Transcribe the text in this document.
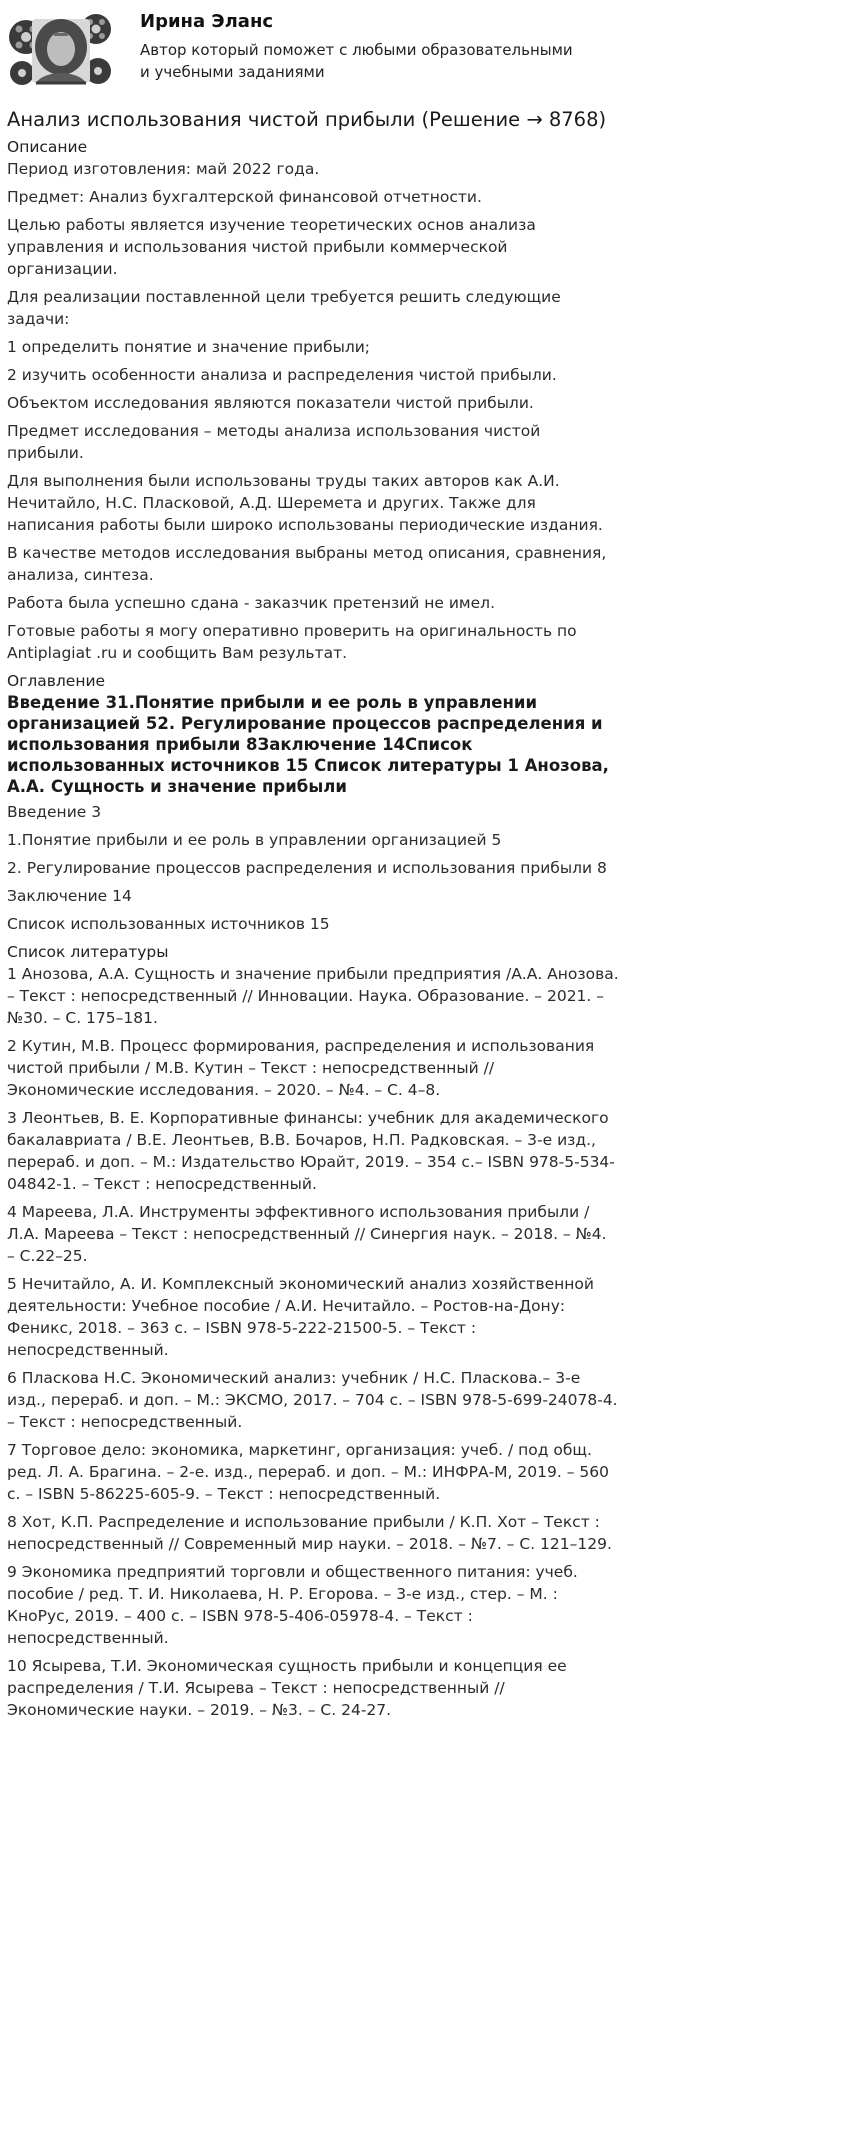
Ирина Эланс
Автор который поможет с любыми образовательными и учебными заданиями
Анализ использования чистой прибыли (Решение → 8768)
Описание

Период изготовления: май 2022 года.

Предмет: Анализ бухгалтерской финансовой отчетности.

Целью работы является изучение теоретических основ анализа управления и использования чистой прибыли коммерческой организации.

Для реализации поставленной цели требуется решить следующие задачи:

1 определить понятие и значение прибыли;

2 изучить особенности анализа и распределения чистой прибыли.

Объектом исследования являются показатели чистой прибыли.

Предмет исследования – методы анализа использования чистой прибыли.

Для выполнения были использованы труды таких авторов как А.И. Нечитайло, Н.С. Пласковой, А.Д. Шеремета и других. Также для написания работы были широко использованы периодические издания.

В качестве методов исследования выбраны метод описания, сравнения, анализа, синтеза.

Работа была успешно сдана - заказчик претензий не имел.

Готовые работы я могу оперативно проверить на оригинальность по Antiplagiat .ru и сообщить Вам результат.

Оглавление
Введение 31.Понятие прибыли и ее роль в управлении организацией 52. Регулирование процессов распределения и использования прибыли 8Заключение 14Список использованных источников 15 Список литературы 1 Анозова, А.А. Сущность и значение прибыли
Введение 3
1.Понятие прибыли и ее роль в управлении организацией 5
2. Регулирование процессов распределения и использования прибыли 8
Заключение 14
Список использованных источников 15
Список литературы
1 Анозова, А.А. Сущность и значение прибыли предприятия /А.А. Анозова. – Текст : непосредственный // Инновации. Наука. Образование. – 2021. – №30. – С. 175–181.
2 Кутин, М.В. Процесс формирования, распределения и использования чистой прибыли / М.В. Кутин – Текст : непосредственный // Экономические исследования. – 2020. – №4. – С. 4–8.
3 Леонтьев, В. Е. Корпоративные финансы: учебник для академического бакалавриата / В.Е. Леонтьев, В.В. Бочаров, Н.П. Радковская. – 3-е изд., перераб. и доп. – М.: Издательство Юрайт, 2019. – 354 с.– ISBN 978-5-534-04842-1. – Текст : непосредственный.
4 Мареева, Л.А. Инструменты эффективного использования прибыли / Л.А. Мареева – Текст : непосредственный // Синергия наук. – 2018. – №4. – С.22–25.
5 Нечитайло, А. И. Комплексный экономический анализ хозяйственной деятельности: Учебное пособие / А.И. Нечитайло. – Ростов-на-Дону: Феникс, 2018. – 363 с. – ISBN 978-5-222-21500-5. – Текст : непосредственный.
6 Пласкова Н.С. Экономический анализ: учебник / Н.С. Пласкова.– 3-е изд., перераб. и доп. – М.: ЭКСМО, 2017. – 704 с. – ISBN 978-5-699-24078-4. – Текст : непосредственный.
7 Торговое дело: экономика, маркетинг, организация: учеб. / под общ. ред. Л. А. Брагина. – 2-е. изд., перераб. и доп. – М.: ИНФРА-М, 2019. – 560 с. – ISBN 5-86225-605-9. – Текст : непосредственный.
8 Хот, К.П. Распределение и использование прибыли / К.П. Хот – Текст : непосредственный // Современный мир науки. – 2018. – №7. – С. 121–129.
9 Экономика предприятий торговли и общественного питания: учеб. пособие / ред. Т. И. Николаева, Н. Р. Егорова. – 3-е изд., стер. – М. : КноРус, 2019. – 400 с. – ISBN 978-5-406-05978-4. – Текст : непосредственный.
10 Ясырева, Т.И. Экономическая сущность прибыли и концепция ее распределения / Т.И. Ясырева – Текст : непосредственный // Экономические науки. – 2019. – №3. – С. 24-27.
